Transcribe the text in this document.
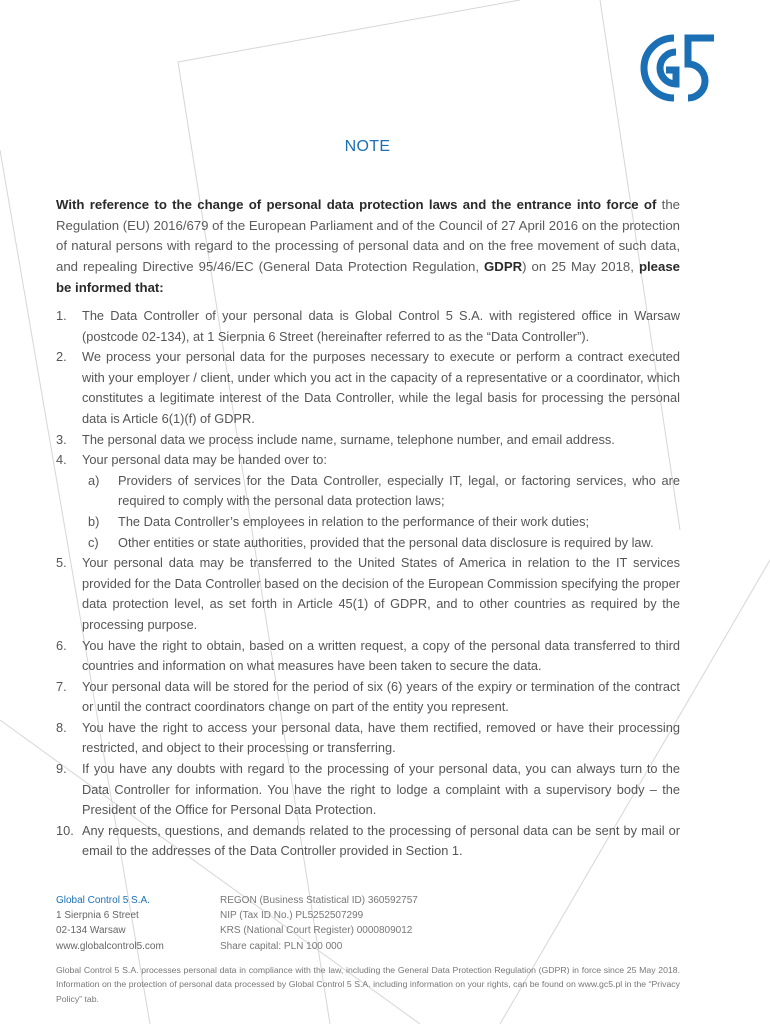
NOTE

With reference to the change of personal data protection laws and the entrance into force of the Regulation (EU) 2016/679 of the European Parliament and of the Council of 27 April 2016 on the protection of natural persons with regard to the processing of personal data and on the free movement of such data, and repealing Directive 95/46/EC (General Data Protection Regulation, GDPR) on 25 May 2018, please be informed that:

1. The Data Controller of your personal data is Global Control 5 S.A. with registered office in Warsaw (postcode 02-134), at 1 Sierpnia 6 Street (hereinafter referred to as the “Data Controller”).
2. We process your personal data for the purposes necessary to execute or perform a contract executed with your employer / client, under which you act in the capacity of a representative or a coordinator, which constitutes a legitimate interest of the Data Controller, while the legal basis for processing the personal data is Article 6(1)(f) of GDPR.
3. The personal data we process include name, surname, telephone number, and email address.
4. Your personal data may be handed over to:
a) Providers of services for the Data Controller, especially IT, legal, or factoring services, who are required to comply with the personal data protection laws;
b) The Data Controller’s employees in relation to the performance of their work duties;
c) Other entities or state authorities, provided that the personal data disclosure is required by law.
5. Your personal data may be transferred to the United States of America in relation to the IT services provided for the Data Controller based on the decision of the European Commission specifying the proper data protection level, as set forth in Article 45(1) of GDPR, and to other countries as required by the processing purpose.
6. You have the right to obtain, based on a written request, a copy of the personal data transferred to third countries and information on what measures have been taken to secure the data.
7. Your personal data will be stored for the period of six (6) years of the expiry or termination of the contract or until the contract coordinators change on part of the entity you represent.
8. You have the right to access your personal data, have them rectified, removed or have their processing restricted, and object to their processing or transferring.
9. If you have any doubts with regard to the processing of your personal data, you can always turn to the Data Controller for information. You have the right to lodge a complaint with a supervisory body – the President of the Office for Personal Data Protection.
10. Any requests, questions, and demands related to the processing of personal data can be sent by mail or email to the addresses of the Data Controller provided in Section 1.
Global Control 5 S.A.
1 Sierpnia 6 Street
02-134 Warsaw
www.globalcontrol5.com
REGON (Business Statistical ID) 360592757
NIP (Tax ID No.) PL5252507299
KRS (National Court Register) 0000809012
Share capital: PLN 100 000

Global Control 5 S.A. processes personal data in compliance with the law, including the General Data Protection Regulation (GDPR) in force since 25 May 2018. Information on the protection of personal data processed by Global Control 5 S.A. including information on your rights, can be found on www.gc5.pl in the “Privacy Policy” tab.
